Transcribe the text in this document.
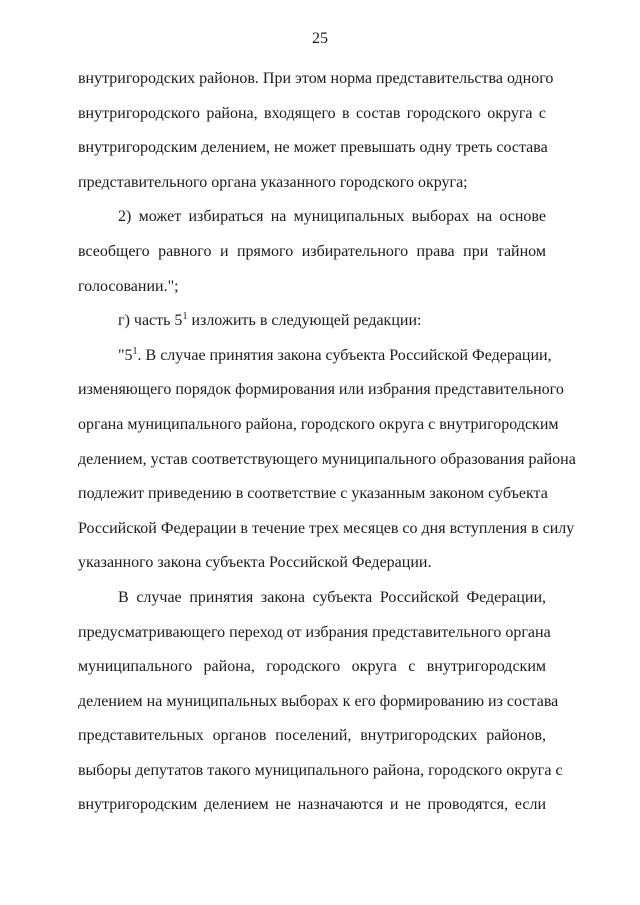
25

внутригородских районов. При этом норма представительства одного
внутригородского района, входящего в состав городского округа с
внутригородским делением, не может превышать одну треть состава
представительного органа указанного городского округа;

2) может избираться на муниципальных выборах на основе
всеобщего равного и прямого избирательного права при тайном
голосовании.";

г) часть $5^1$ изложить в следующей редакции:

"$5^1$. В случае принятия закона субъекта Российской Федерации,
изменяющего порядок формирования или избрания представительного
органа муниципального района, городского округа с внутригородским
делением, устав соответствующего муниципального образования района
подлежит приведению в соответствие с указанным законом субъекта
Российской Федерации в течение трех месяцев со дня вступления в силу
указанного закона субъекта Российской Федерации.

В случае принятия закона субъекта Российской Федерации,
предусматривающего переход от избрания представительного органа
муниципального района, городского округа с внутригородским
делением на муниципальных выборах к его формированию из состава
представительных органов поселений, внутригородских районов,
выборы депутатов такого муниципального района, городского округа с
внутригородским делением не назначаются и не проводятся, если
